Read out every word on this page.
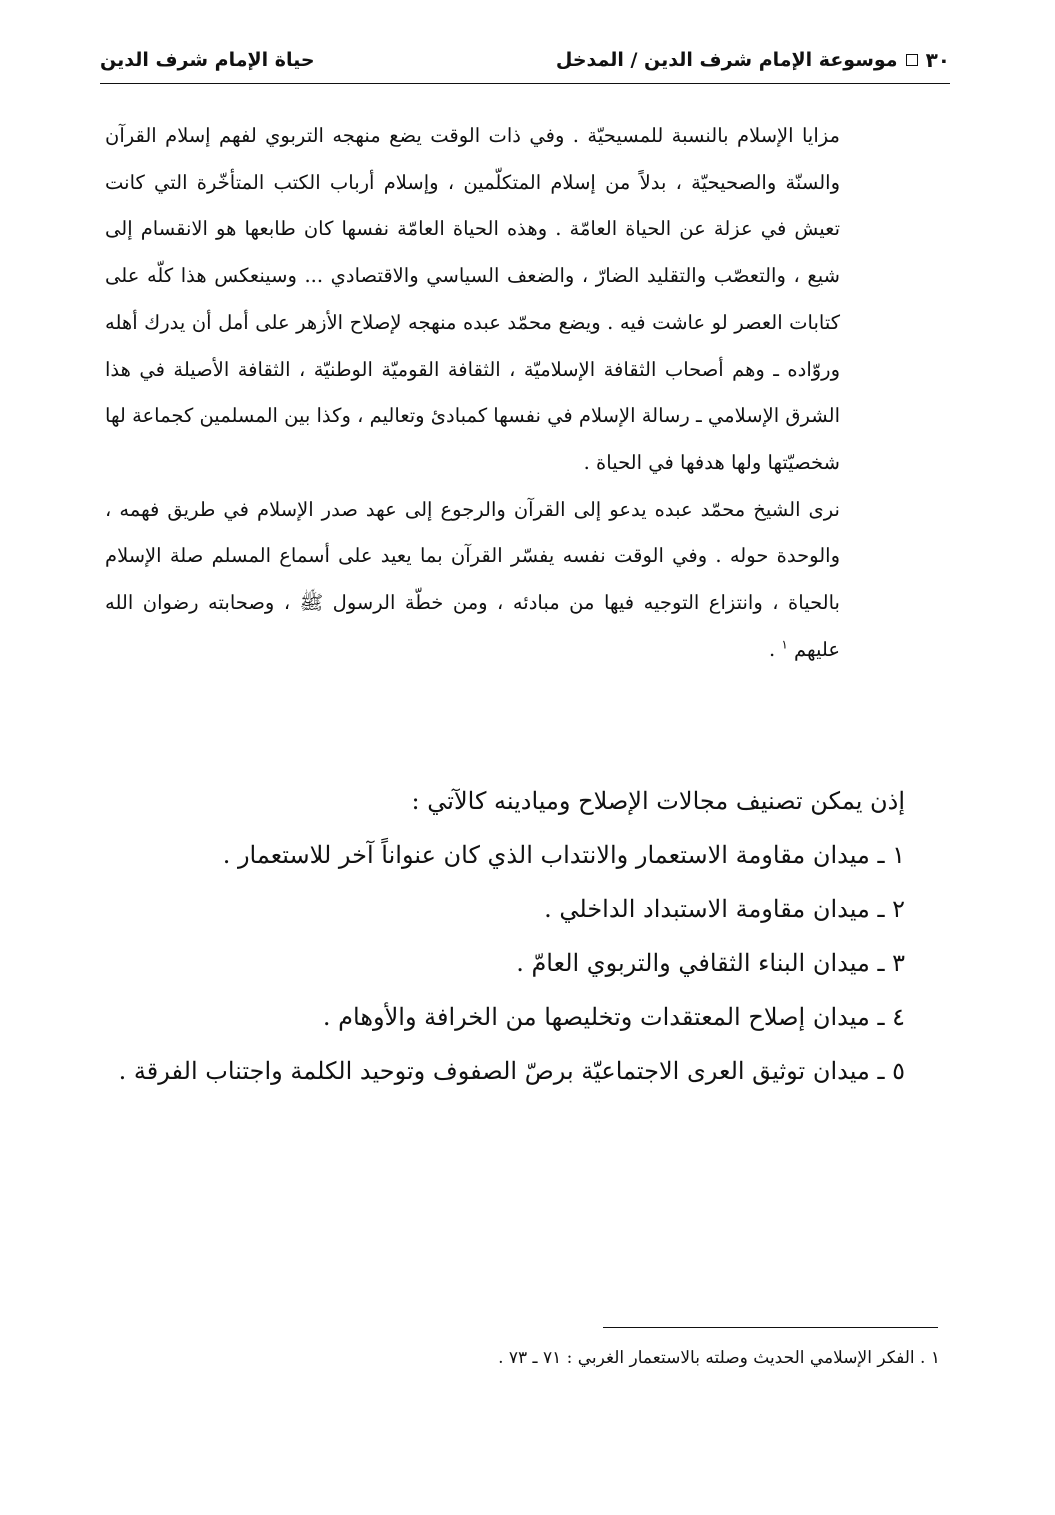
٣٠
موسوعة الإمام شرف الدين / المدخل
حياة الإمام شرف الدين

مزايا الإسلام بالنسبة للمسيحيّة . وفي ذات الوقت يضع منهجه التربوي لفهم إسلام القرآن والسنّة والصحيحيّة ، بدلاً من إسلام المتكلّمين ، وإسلام أرباب الكتب المتأخّرة التي كانت تعيش في عزلة عن الحياة العامّة . وهذه الحياة العامّة نفسها كان طابعها هو الانقسام إلى شيع ، والتعصّب والتقليد الضارّ ، والضعف السياسي والاقتصادي ... وسينعكس هذا كلّه على كتابات العصر لو عاشت فيه . ويضع محمّد عبده منهجه لإصلاح الأزهر على أمل أن يدرك أهله وروّاده ـ وهم أصحاب الثقافة الإسلاميّة ، الثقافة القوميّة الوطنيّة ، الثقافة الأصيلة في هذا الشرق الإسلامي ـ رسالة الإسلام في نفسها كمبادئ وتعاليم ، وكذا بين المسلمين كجماعة لها شخصيّتها ولها هدفها في الحياة .

نرى الشيخ محمّد عبده يدعو إلى القرآن والرجوع إلى عهد صدر الإسلام في طريق فهمه ، والوحدة حوله . وفي الوقت نفسه يفسّر القرآن بما يعيد على أسماع المسلم صلة الإسلام بالحياة ، وانتزاع التوجيه فيها من مبادئه ، ومن خطّة الرسول ﷺ ، وصحابته رضوان الله عليهم $^١$ .

إذن يمكن تصنيف مجالات الإصلاح وميادينه كالآتي :

١ ـ ميدان مقاومة الاستعمار والانتداب الذي كان عنواناً آخر للاستعمار .

٢ ـ ميدان مقاومة الاستبداد الداخلي .

٣ ـ ميدان البناء الثقافي والتربوي العامّ .

٤ ـ ميدان إصلاح المعتقدات وتخليصها من الخرافة والأوهام .

٥ ـ ميدان توثيق العرى الاجتماعيّة برصّ الصفوف وتوحيد الكلمة واجتناب الفرقة .

١ . الفكر الإسلامي الحديث وصلته بالاستعمار الغربي : ٧١ ـ ٧٣ .
